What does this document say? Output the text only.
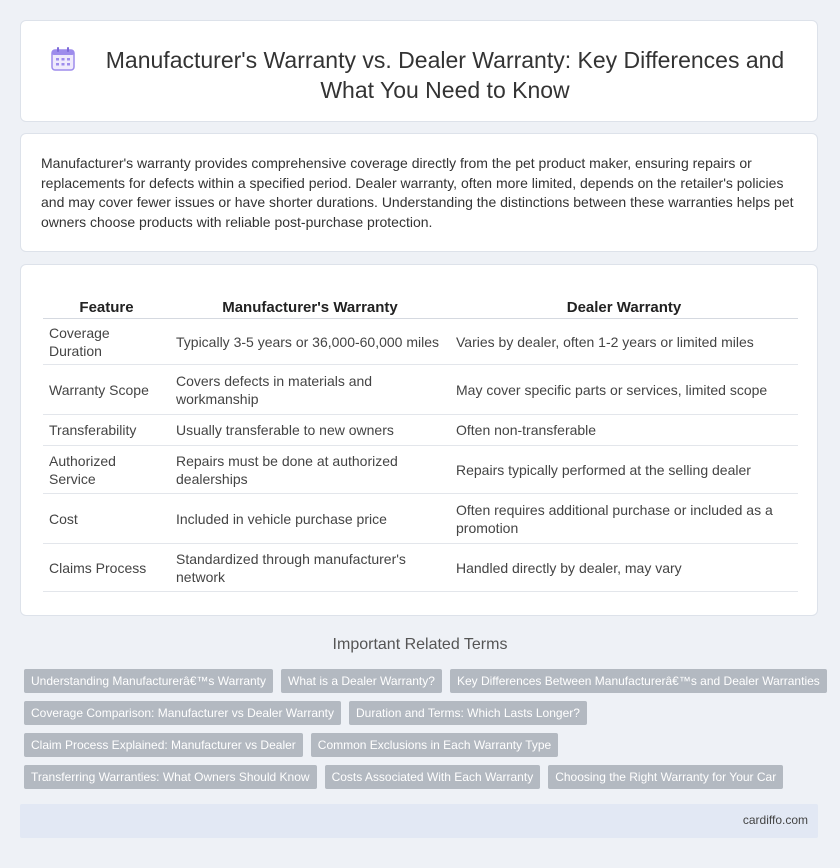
Manufacturer's Warranty vs. Dealer Warranty: Key Differences and What You Need to Know

Manufacturer's warranty provides comprehensive coverage directly from the pet product maker, ensuring repairs or replacements for defects within a specified period. Dealer warranty, often more limited, depends on the retailer's policies and may cover fewer issues or have shorter durations. Understanding the distinctions between these warranties helps pet owners choose products with reliable post-purchase protection.

Feature	Manufacturer's Warranty	Dealer Warranty
Coverage Duration	Typically 3-5 years or 36,000-60,000 miles	Varies by dealer, often 1-2 years or limited miles
Warranty Scope	Covers defects in materials and workmanship	May cover specific parts or services, limited scope
Transferability	Usually transferable to new owners	Often non-transferable
Authorized Service	Repairs must be done at authorized dealerships	Repairs typically performed at the selling dealer
Cost	Included in vehicle purchase price	Often requires additional purchase or included as a promotion
Claims Process	Standardized through manufacturer's network	Handled directly by dealer, may vary
Important Related Terms
Understanding Manufacturerâ€™s Warranty	What is a Dealer Warranty?	Key Differences Between Manufacturerâ€™s and Dealer Warranties
Coverage Comparison: Manufacturer vs Dealer Warranty	Duration and Terms: Which Lasts Longer?
Claim Process Explained: Manufacturer vs Dealer	Common Exclusions in Each Warranty Type
Transferring Warranties: What Owners Should Know	Costs Associated With Each Warranty	Choosing the Right Warranty for Your Car
cardiffo.com
